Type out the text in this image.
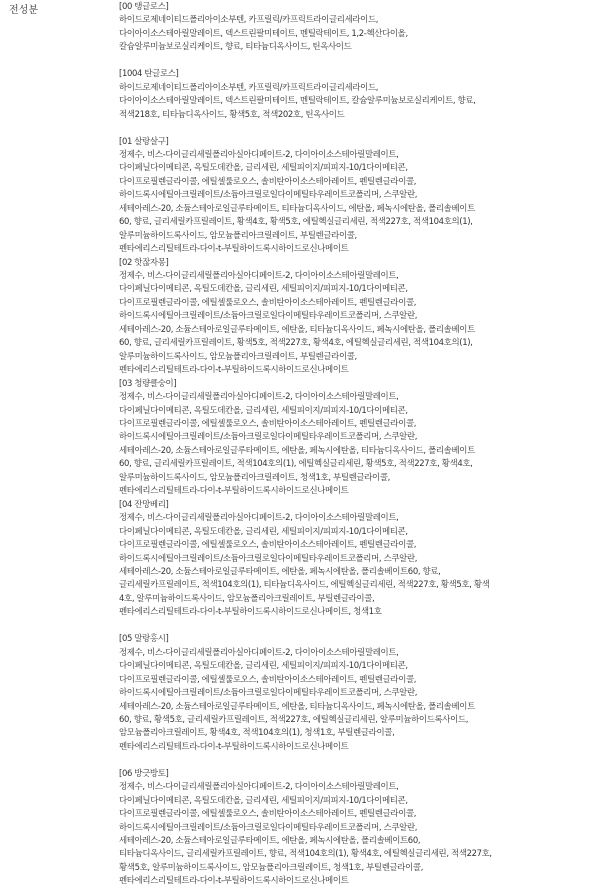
전성분	[00 탱글로스]
하이드로제네이티드폴리아이소부텐, 카프릴릭/카프릭트라이글리세라이드,
다이아이소스테아릴말레이트, 덱스트린팔미테이트, 멘틸락테이트, 1,2-헥산다이올,
칼슘알루미늄보로실리케이트, 향료, 티타늄디옥사이드, 틴옥사이드
[1004 탄글로스]
하이드로제네이티드폴리아이소부텐, 카프릴릭/카프릭트라이글리세라이드,
다이아이소스테아릴말레이트, 덱스트린팔미테이트, 멘틸락테이트, 칼슘알루미늄보로실리케이트, 향료,
적색218호, 티타늄디옥사이드, 황색5호, 적색202호, 틴옥사이드
[01 살랑살구]
정제수, 비스-다이글리세릴폴리아실아디페이트-2, 다이아이소스테아릴말레이트,
다이페닐다이메티콘, 옥틸도데칸올, 글리세린, 세틸피이지/피피지-10/1다이메티콘,
다이프로필렌글라이콜, 에틸셀룰로오스, 솔비탄아이소스테아레이트, 펜틸렌글라이콜,
하이드록시에틸아크릴레이트/소듐아크릴로일다이메틸타우레이트코폴리머, 스쿠알란,
세테아레스-20, 소듐스테아로일글루타메이트, 티타늄디옥사이드, 에탄올, 페녹시에탄올, 폴리솔베이트
60, 향료, 글리세릴카프릴레이트, 황색4호, 황색5호, 에틸헥실글리세린, 적색227호, 적색104호의(1),
알루미늄하이드록사이드, 암모늄폴리아크릴레이트, 부틸렌글라이콜,
펜타에리스리틸테트라-다이-t-부틸하이드록시하이드로신나메이트
[02 핫잖자몽]
정제수, 비스-다이글리세릴폴리아실아디페이트-2, 다이아이소스테아릴말레이트,
다이페닐다이메티콘, 옥틸도데칸올, 글리세린, 세틸피이지/피피지-10/1다이메티콘,
다이프로필렌글라이콜, 에틸셀룰로오스, 솔비탄아이소스테아레이트, 펜틸렌글라이콜,
하이드록시에틸아크릴레이트/소듐아크릴로일다이메틸타우레이트코폴리머, 스쿠알란,
세테아레스-20, 소듐스테아로일글루타메이트, 에탄올, 티타늄디옥사이드, 페녹시에탄올, 폴리솔베이트
60, 향료, 글리세릴카프릴레이트, 황색5호, 적색227호, 황색4호, 에틸헥실글리세린, 적색104호의(1),
알루미늄하이드록사이드, 암모늄폴리아크릴레이트, 부틸렌글라이콜,
펜타에리스리틸테트라-다이-t-부틸하이드록시하이드로신나메이트
[03 청량클숭이]
정제수, 비스-다이글리세릴폴리아실아디페이트-2, 다이아이소스테아릴말레이트,
다이페닐다이메티콘, 옥틸도데칸올, 글리세린, 세틸피이지/피피지-10/1다이메티콘,
다이프로필렌글라이콜, 에틸셀룰로오스, 솔비탄아이소스테아레이트, 펜틸렌글라이콜,
하이드록시에틸아크릴레이트/소듐아크릴로일다이메틸타우레이트코폴리머, 스쿠알란,
세테아레스-20, 소듐스테아로일글루타메이트, 에탄올, 페녹시에탄올, 티타늄디옥사이드, 폴리솔베이트
60, 향료, 글리세릴카프릴레이트, 적색104호의(1), 에틸헥실글리세린, 황색5호, 적색227호, 황색4호,
알루미늄하이드록사이드, 암모늄폴리아크릴레이트, 청색1호, 부틸렌글라이콜,
펜타에리스리틸테트라-다이-t-부틸하이드록시하이드로신나메이트
[04 잔망베리]
정제수, 비스-다이글리세릴폴리아실아디페이트-2, 다이아이소스테아릴말레이트,
다이페닐다이메티콘, 옥틸도데칸올, 글리세린, 세틸피이지/피피지-10/1다이메티콘,
다이프로필렌글라이콜, 에틸셀룰로오스, 솔비탄아이소스테아레이트, 펜틸렌글라이콜,
하이드록시에틸아크릴레이트/소듐아크릴로일다이메틸타우레이트코폴리머, 스쿠알란,
세테아레스-20, 소듐스테아로일글루타메이트, 에탄올, 페녹시에탄올, 폴리솔베이트60, 향료,
글리세릴카프릴레이트, 적색104호의(1), 티타늄디옥사이드, 에틸헥실글리세린, 적색227호, 황색5호, 황색
4호, 알루미늄하이드록사이드, 암모늄폴리아크릴레이트, 부틸렌글라이콜,
펜타에리스리틸테트라-다이-t-부틸하이드록시하이드로신나메이트, 청색1호
[05 말랑홍시]
정제수, 비스-다이글리세릴폴리아실아디페이트-2, 다이아이소스테아릴말레이트,
다이페닐다이메티콘, 옥틸도데칸올, 글리세린, 세틸피이지/피피지-10/1다이메티콘,
다이프로필렌글라이콜, 에틸셀룰로오스, 솔비탄아이소스테아레이트, 펜틸렌글라이콜,
하이드록시에틸아크릴레이트/소듐아크릴로일다이메틸타우레이트코폴리머, 스쿠알란,
세테아레스-20, 소듐스테아로일글루타메이트, 에탄올, 티타늄디옥사이드, 페녹시에탄올, 폴리솔베이트
60, 향료, 황색5호, 글리세릴카프릴레이트, 적색227호, 에틸헥실글리세린, 알루미늄하이드록사이드,
암모늄폴리아크릴레이트, 황색4호, 적색104호의(1), 청색1호, 부틸렌글라이콜,
펜타에리스리틸테트라-다이-t-부틸하이드록시하이드로신나메이트
[06 방긋방토]
정제수, 비스-다이글리세릴폴리아실아디페이트-2, 다이아이소스테아릴말레이트,
다이페닐다이메티콘, 옥틸도데칸올, 글리세린, 세틸피이지/피피지-10/1다이메티콘,
다이프로필렌글라이콜, 에틸셀룰로오스, 솔비탄아이소스테아레이트, 펜틸렌글라이콜,
하이드록시에틸아크릴레이트/소듐아크릴로일다이메틸타우레이트코폴리머, 스쿠알란,
세테아레스-20, 소듐스테아로일글루타메이트, 에탄올, 페녹시에탄올, 폴리솔베이트60,
티타늄디옥사이드, 글리세릴카프릴레이트, 향료, 적색104호의(1), 황색4호, 에틸헥실글리세린, 적색227호,
황색5호, 알루미늄하이드록사이드, 암모늄폴리아크릴레이트, 청색1호, 부틸렌글라이콜,
펜타에리스리틸테트라-다이-t-부틸하이드록시하이드로신나메이트
